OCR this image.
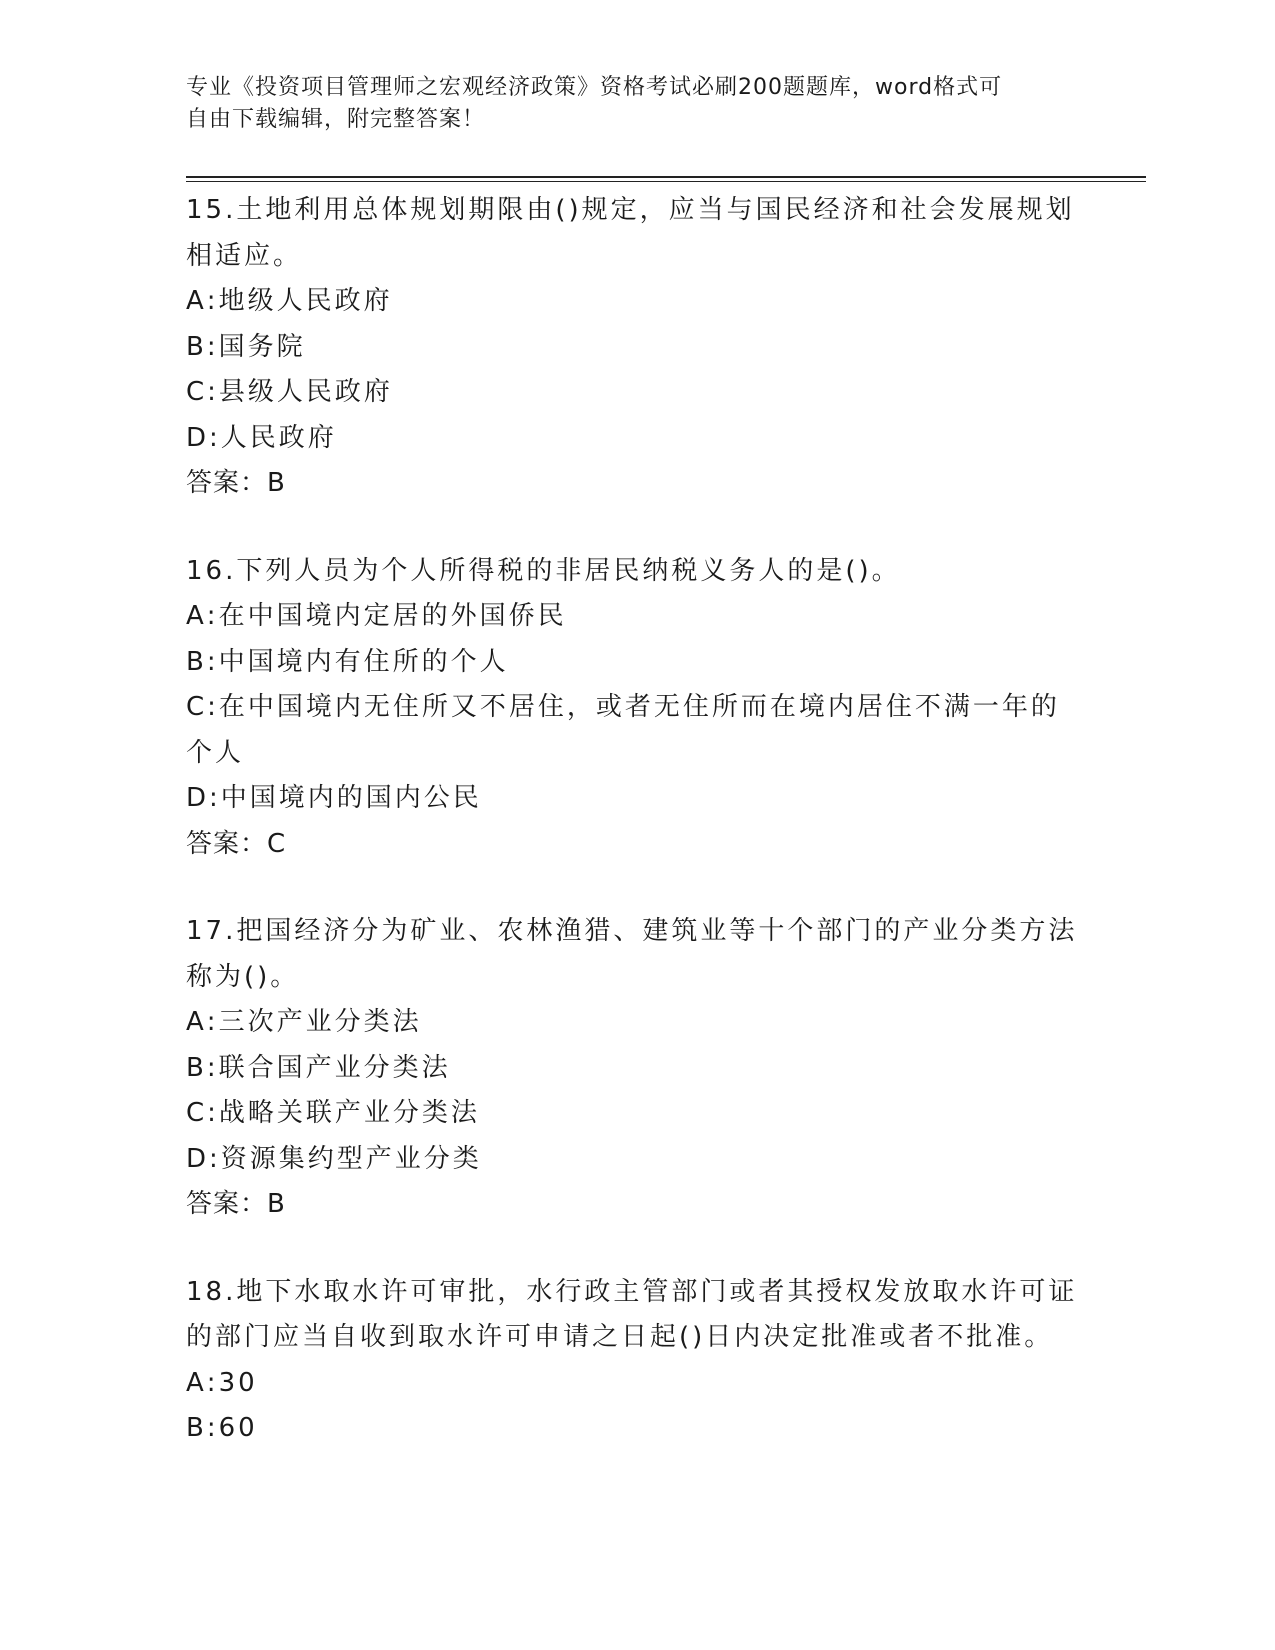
专业《投资项目管理师之宏观经济政策》资格考试必刷200题题库，word格式可
自由下载编辑，附完整答案！
15.土地利用总体规划期限由()规定，应当与国民经济和社会发展规划
相适应。
A:地级人民政府
B:国务院
C:县级人民政府
D:人民政府
答案：B
16.下列人员为个人所得税的非居民纳税义务人的是()。
A:在中国境内定居的外国侨民
B:中国境内有住所的个人
C:在中国境内无住所又不居住，或者无住所而在境内居住不满一年的
个人
D:中国境内的国内公民
答案：C
17.把国经济分为矿业、农林渔猎、建筑业等十个部门的产业分类方法
称为()。
A:三次产业分类法
B:联合国产业分类法
C:战略关联产业分类法
D:资源集约型产业分类
答案：B
18.地下水取水许可审批，水行政主管部门或者其授权发放取水许可证
的部门应当自收到取水许可申请之日起()日内决定批准或者不批准。
A:30
B:60
